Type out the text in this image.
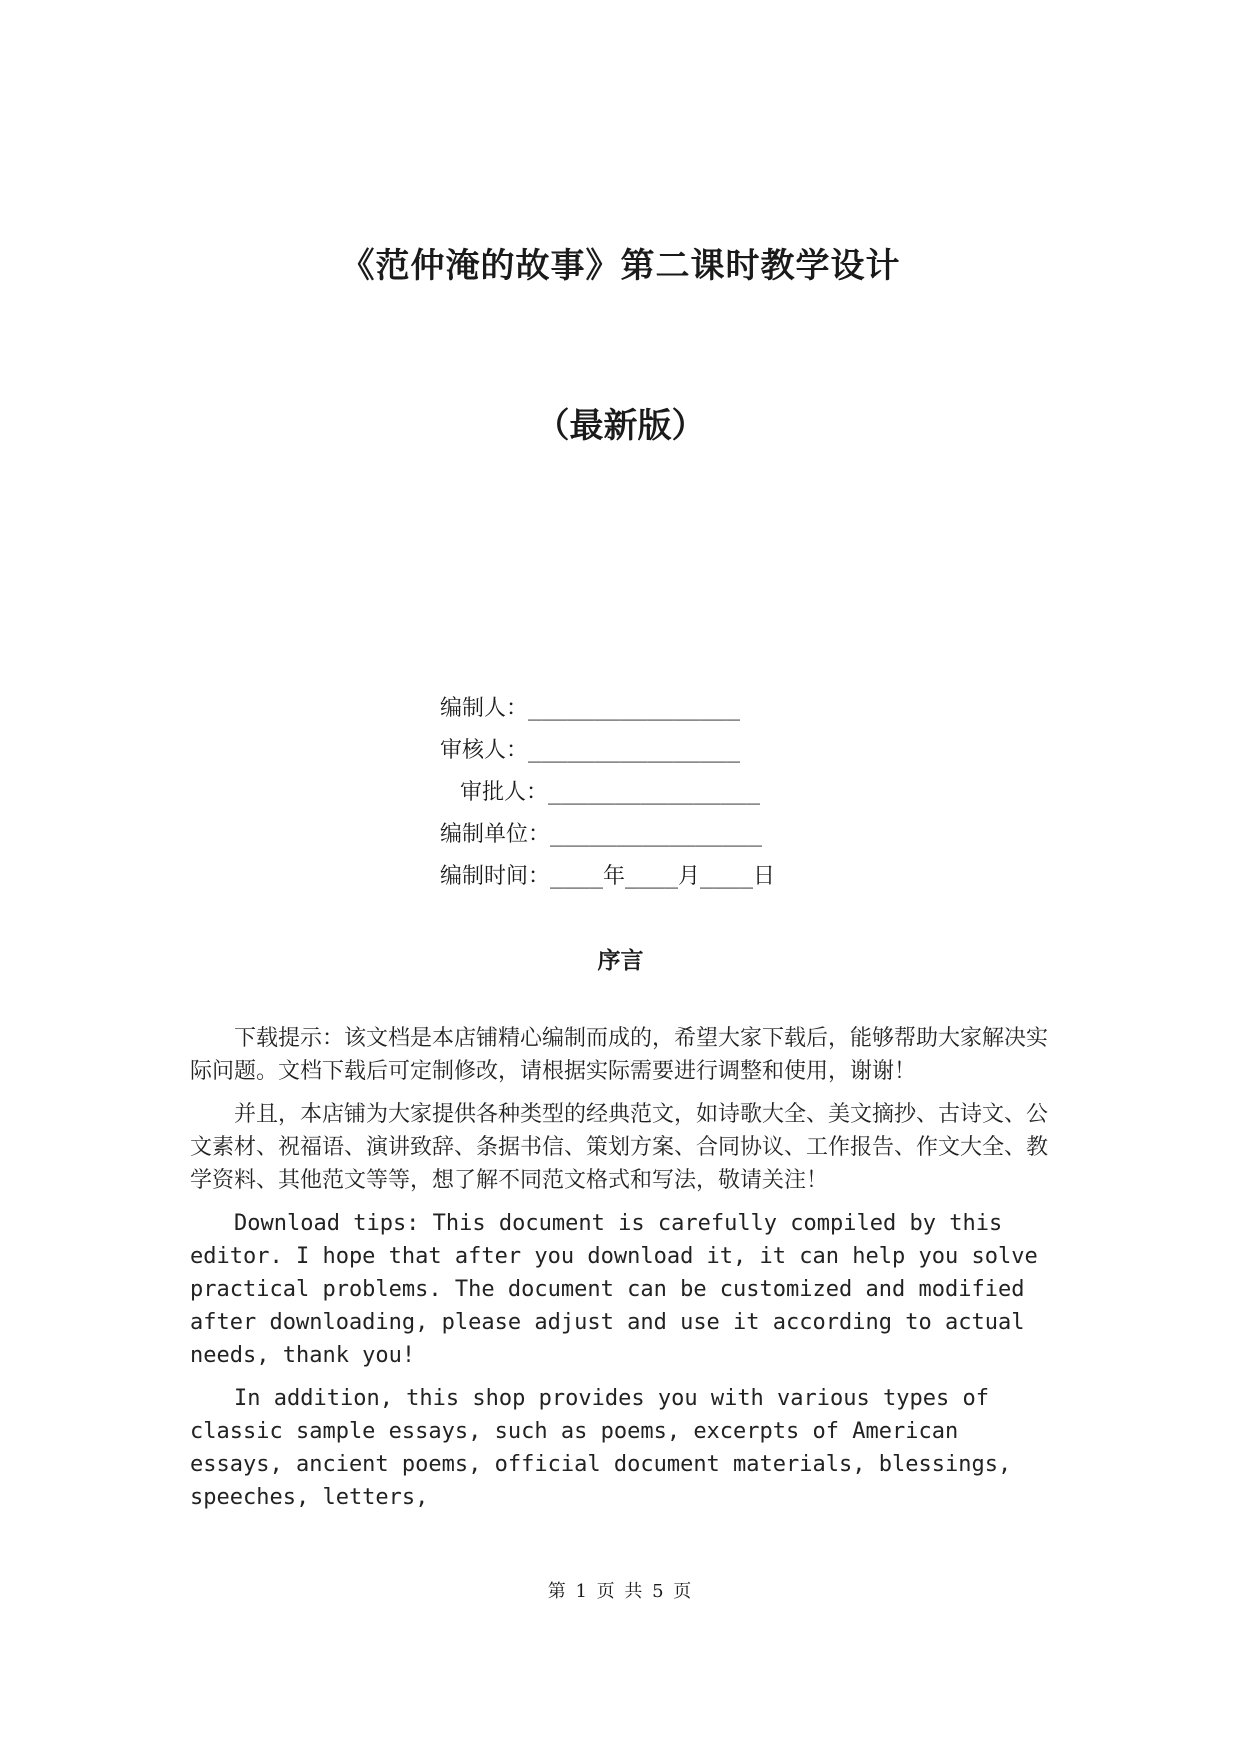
《范仲淹的故事》第二课时教学设计
（最新版）
编制人：________________
审核人：________________
审批人：________________
编制单位：________________
编制时间：____年____月____日
序言

下载提示：该文档是本店铺精心编制而成的，希望大家下载后，能够帮助大家解决实际问题。文档下载后可定制修改，请根据实际需要进行调整和使用，谢谢！

并且，本店铺为大家提供各种类型的经典范文，如诗歌大全、美文摘抄、古诗文、公文素材、祝福语、演讲致辞、条据书信、策划方案、合同协议、工作报告、作文大全、教学资料、其他范文等等，想了解不同范文格式和写法，敬请关注！

Download tips: This document is carefully compiled by this editor. I hope that after you download it, it can help you solve practical problems. The document can be customized and modified after downloading, please adjust and use it according to actual needs, thank you!

In addition, this shop provides you with various types of classic sample essays, such as poems, excerpts of American essays, ancient poems, official document materials, blessings, speeches, letters,

第 1 页 共 5 页
